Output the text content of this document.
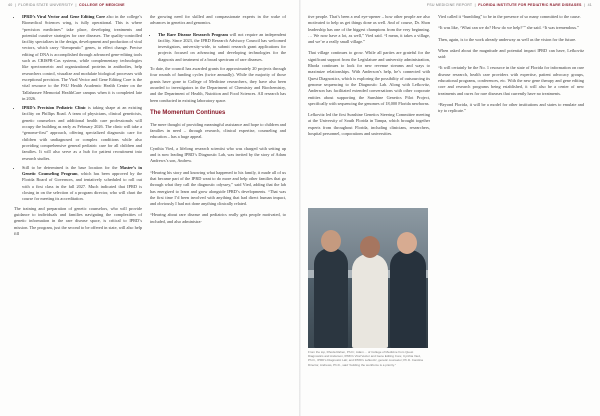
40  |  FLORIDA STATE UNIVERSITY  |  COLLEGE OF MEDICINE	FSU MEDICINE REPORT  |  FLORIDA INSTITUTE FOR PEDIATRIC RARE DISEASES  |  41
• IPRD’s Viral Vector and Gene Editing Core also in the college’s Biomedical Sciences wing, is fully operational. This is where “precision medicines” take place, developing treatments and potential curative strategies for rare diseases. The quality-controlled facility specializes in the design, development and production of viral vectors, which carry “therapeutic” genes, to effect change. Precise editing of DNA is accomplished through advanced gene-editing tools such as CRISPR-Cas systems, while complementary technologies like spectrometric and organizational proteins in antibodies, help researchers control, visualize and modulate biological processes with exceptional precision. The Viral Vector and Gene Editing Core is the vital resource to the FSU Health Academic Health Center on the Tallahassee Memorial HealthCare campus when it is completed late in 2026.
• IPRD’s Precision Pediatric Clinic is taking shape at an existing facility on Phillips Road. A team of physicians, clinical geneticists, genetic counselors and additional health care professionals will occupy the building as early as February 2026. The clinic will take a “genome-first” approach, offering specialized diagnostic care for children with undiagnosed or complex conditions while also providing comprehensive general pediatric care for all children and families. It will also serve as a hub for patient recruitment into research studies.
• Still to be determined is the base location for the Master’s in Genetic Counseling Program, which has been approved by the Florida Board of Governors, and tentatively scheduled to roll out with a first class in the fall 2027. Much indicated that IPRD is closing in on the selection of a program director, who will chart the course for meeting its accreditation.

The training and preparation of genetic counselors, who will provide guidance to individuals and families navigating the complexities of genetic information in the rare disease space, is critical to IPRD’s mission. The program, just the second to be offered in state, will also help fill

the growing need for skilled and compassionate experts in the wake of advances in genetics and genomics.

• The Rare Disease Research Program will not require an independent facility. Since 2023, the IPRD Research Advisory Council has welcomed investigators, university-wide, to submit research grant applications for projects focused on advancing and developing technologies for the diagnosis and treatment of a broad spectrum of rare diseases.

To date, the council has awarded grants for approximately 20 projects through four rounds of funding cycles (twice annually). While the majority of those grants have gone to College of Medicine researchers, they have also been awarded to investigators in the Department of Chemistry and Biochemistry, and the Department of Health, Nutrition and Food Sciences. All research has been conducted in existing laboratory space.

The Momentum Continues

The mere thought of providing meaningful assistance and hope to children and families in need – through research, clinical expertise, counseling and education – has a huge appeal.

Cynthia Vied, a lifelong research scientist who was charged with setting up and is now leading IPRD’s Diagnostic Lab, was invited by the story of Adam Andrews’s son, Andrew.

“Hearing his story and knowing what happened to his family, it made all of us that became part of the IPRD want to do more and help other families that go through what they call the diagnostic odyssey,” said Vied, adding that the lab has energized to learn and grow alongside IPRD’s developments. “That was the first time I’d been involved with anything that had direct human impact, and obviously I had not done anything clinically related.

“Hearing about rare disease and pediatrics really gets people motivated, to included, and also administra-

tive people. That’s been a real eye-opener – how other people are also motivated to help us get things done as well. And of course, Dr. Shon leadership has one of the biggest champions from the very beginning. … We now have a lot, as well,” Vied said. “I mean, it takes a village, and we’re a really small village.”

That village continues to grow. While all parties are grateful for the significant support from the Legislature and university administration, Rhoda continues to look for new revenue streams and ways to maximize relationships. With Anderson’s help, he’s connected with Quest Diagnostics, which is exploring the possibility of outsourcing its genome sequencing to the Diagnostic Lab. Along with Lefkovitz, Anderson has facilitated extended conversations with other corporate entities about supporting the Sunshine Genetics Pilot Project, specifically with sequencing the genomes of 18,000 Florida newborns.

Lefkovitz led the first Sunshine Genetics Steering Committee meeting at the University of South Florida in Tampa, which brought together experts from throughout Florida, including clinicians, researchers, hospital personnel, corporations and universities.

Vied called it “humbling” to be in the presence of so many committed to the cause.

“It was like, ‘What can we do? How do we help?’” she said. “It was tremendous.”

Then, again, is to the work already underway as well as the vision for the future.

When asked about the magnitude and potential impact IPRD can have, Lefkovitz said:

“It will certainly be the No. 1 resource in the state of Florida for information on rare disease research, health care providers with expertise, patient advocacy groups, educational programs, conferences, etc. With the new gene therapy and gene editing core and research programs being established, it will also be a center of new treatments and cures for rare diseases that currently have no treatments.

“Beyond Florida, it will be a model for other institutions and states to emulate and try to replicate.”

From the top, Rhoda Rahen, Ph.D.; Adam ... of College of Medicine from Quest Diagnostics and Anderson, IPRD’s Viral Vector and Gene Editing Core; Cynthia Vied, Ph.D., IPRD’s Diagnostic Lab; and IPRD’s Lefkovitz, genetic counselor; Ph.D. Carolina Director, Andrews, Ph.D., said “building the workforce is a priority.”
